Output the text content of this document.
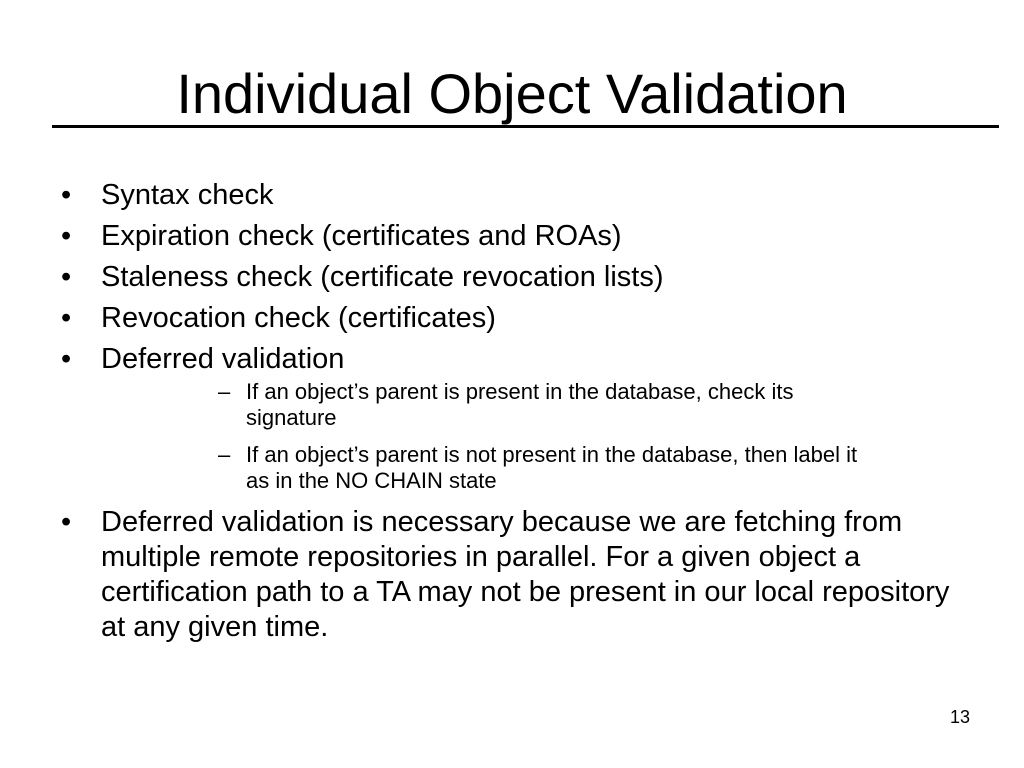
Individual Object Validation
• Syntax check
• Expiration check (certificates and ROAs)
• Staleness check (certificate revocation lists)
• Revocation check (certificates)
• Deferred validation
– If an object’s parent is present in the database, check its signature
– If an object’s parent is not present in the database, then label it as in the NO CHAIN state
• Deferred validation is necessary because we are fetching from multiple remote repositories in parallel. For a given object a certification path to a TA may not be present in our local repository at any given time.
13
